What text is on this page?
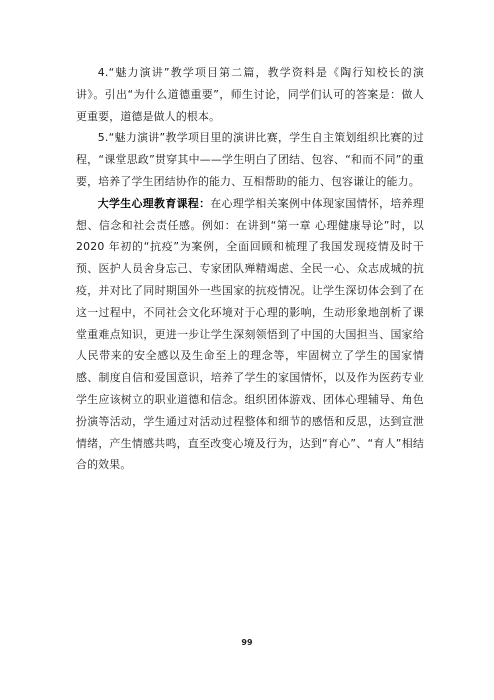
4.“魅力演讲”教学项目第二篇，教学资料是《陶行知校长的演讲》。引出“为什么道德重要”，师生讨论，同学们认可的答案是：做人更重要，道德是做人的根本。

5.“魅力演讲”教学项目里的演讲比赛，学生自主策划组织比赛的过程，“课堂思政”贯穿其中——学生明白了团结、包容、“和而不同”的重要，培养了学生团结协作的能力、互相帮助的能力、包容谦让的能力。

大学生心理教育课程：在心理学相关案例中体现家国情怀，培养理想、信念和社会责任感。例如：在讲到“第一章 心理健康导论”时，以 2020 年初的“抗疫”为案例，全面回顾和梳理了我国发现疫情及时干预、医护人员舍身忘己、专家团队殚精竭虑、全民一心、众志成城的抗疫，并对比了同时期国外一些国家的抗疫情况。让学生深切体会到了在这一过程中，不同社会文化环境对于心理的影响，生动形象地剖析了课堂重难点知识，更进一步让学生深刻领悟到了中国的大国担当、国家给人民带来的安全感以及生命至上的理念等，牢固树立了学生的国家情感、制度自信和爱国意识，培养了学生的家国情怀，以及作为医药专业学生应该树立的职业道德和信念。组织团体游戏、团体心理辅导、角色扮演等活动，学生通过对活动过程整体和细节的感悟和反思，达到宣泄情绪，产生情感共鸣，直至改变心境及行为，达到“育心”、“育人”相结合的效果。

99
